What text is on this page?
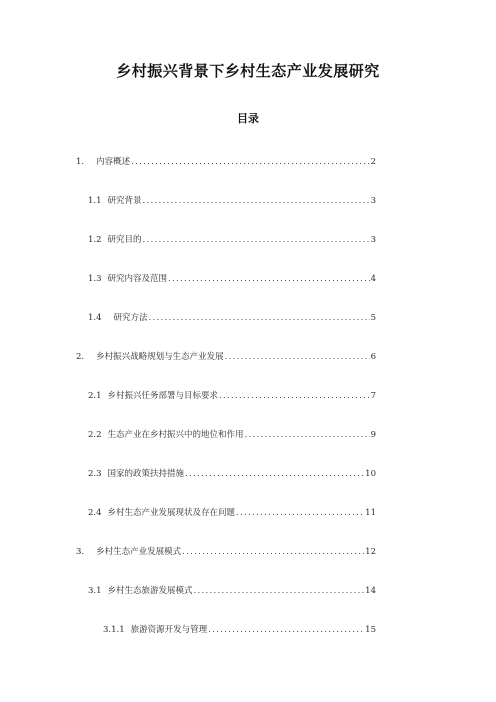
乡村振兴背景下乡村生态产业发展研究
目录
1. 内容概述 .....	2
1.1 研究背景 .....	3
1.2 研究目的 .....	3
1.3 研究内容及范围 .....	4
1.4 研究方法 .....	5
2. 乡村振兴战略规划与生态产业发展 .....	6
2.1 乡村振兴任务部署与目标要求 .....	7
2.2 生态产业在乡村振兴中的地位和作用 .....	9
2.3 国家的政策扶持措施 .....	10
2.4 乡村生态产业发展现状及存在问题 .....	11
3. 乡村生态产业发展模式 .....	12
3.1 乡村生态旅游发展模式 .....	14
3.1.1 旅游资源开发与管理 .....	15
